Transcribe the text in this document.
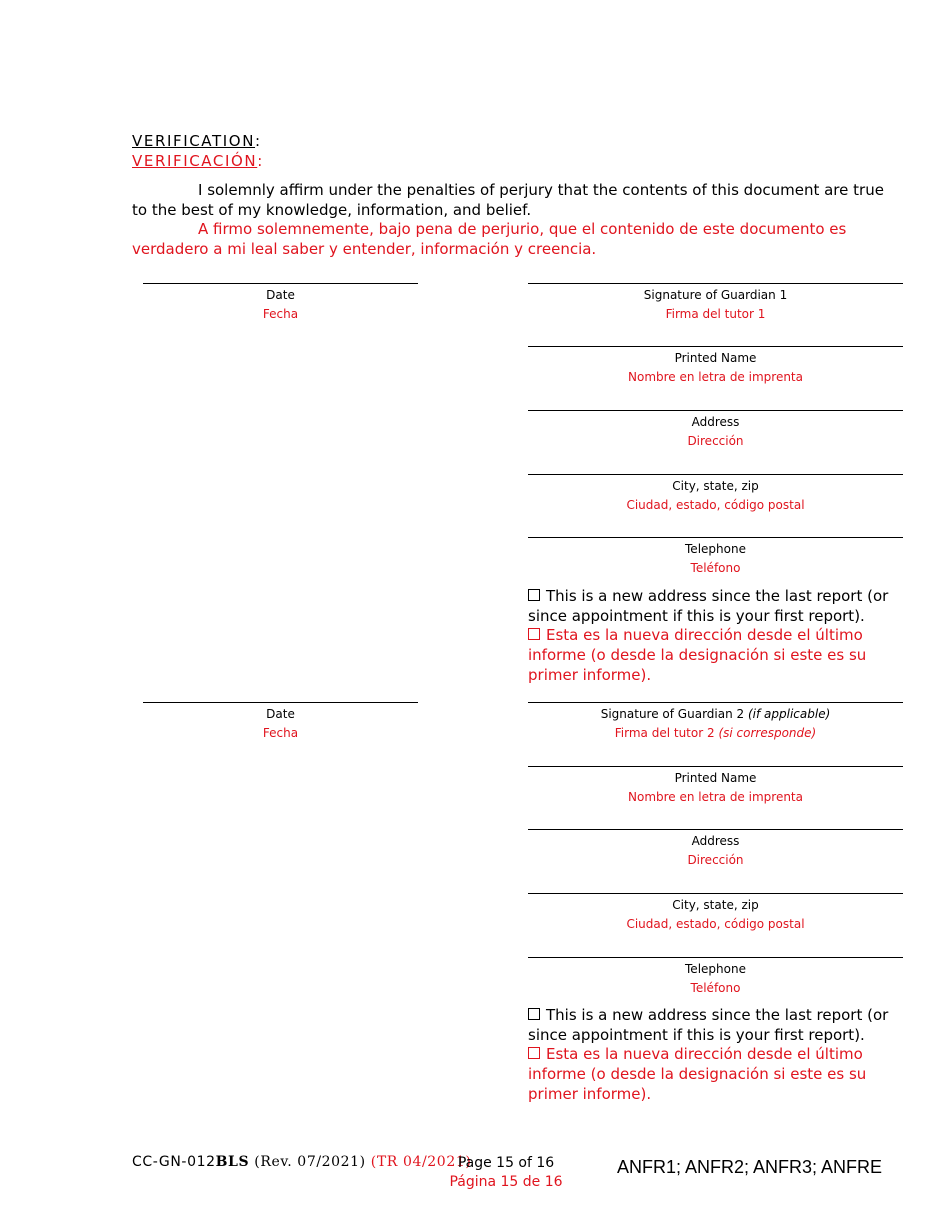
VERIFICATION:
VERIFICACIÓN:
I solemnly affirm under the penalties of perjury that the contents of this document are true to the best of my knowledge, information, and belief.
A firmo solemnemente, bajo pena de perjurio, que el contenido de este documento es verdadero a mi leal saber y entender, información y creencia.
Date
Fecha
Signature of Guardian 1
Firma del tutor 1
Printed Name
Nombre en letra de imprenta
Address
Dirección
City, state, zip
Ciudad, estado, código postal
Telephone
Teléfono
This is a new address since the last report (or since appointment if this is your first report).
Esta es la nueva dirección desde el último informe (o desde la designación si este es su primer informe).
Date
Fecha
Signature of Guardian 2 (if applicable)
Firma del tutor 2 (si corresponde)
Printed Name
Nombre en letra de imprenta
Address
Dirección
City, state, zip
Ciudad, estado, código postal
Telephone
Teléfono
This is a new address since the last report (or since appointment if this is your first report).
Esta es la nueva dirección desde el último informe (o desde la designación si este es su primer informe).
CC-GN-012BLS (Rev. 07/2021) (TR 04/2021)
Page 15 of 16
Página 15 de 16
ANFR1; ANFR2; ANFR3; ANFRE
